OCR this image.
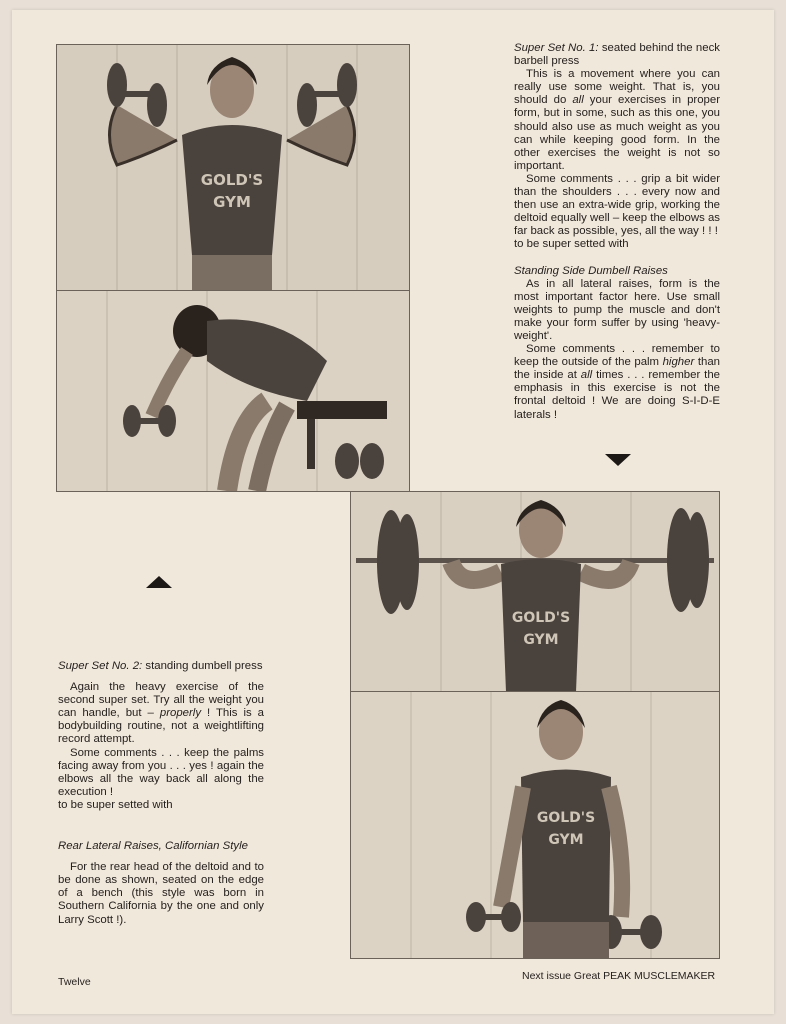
GOLD'S
GYM
GOLD'S
GYM
GOLD'S
GYM

Super Set No. 1: seated behind the neck barbell press

This is a movement where you can really use some weight. That is, you should do all your exercises in proper form, but in some, such as this one, you should also use as much weight as you can while keeping good form. In the other exercises the weight is not so important.

Some comments . . . grip a bit wider than the shoulders . . . every now and then use an extra-wide grip, working the deltoid equally well – keep the elbows as far back as possible, yes, all the way ! ! !

to be super setted with

Standing Side Dumbell Raises

As in all lateral raises, form is the most important factor here. Use small weights to pump the muscle and don't make your form suffer by using 'heavy-weight'.

Some comments . . . remember to keep the outside of the palm higher than the inside at all times . . . remember the emphasis in this exercise is not the frontal deltoid ! We are doing S-I-D-E laterals !

Super Set No. 2: standing dumbell press

Again the heavy exercise of the second super set. Try all the weight you can handle, but – properly ! This is a bodybuilding routine, not a weightlifting record attempt.

Some comments . . . keep the palms facing away from you . . . yes ! again the elbows all the way back all along the execution !

to be super setted with

Rear Lateral Raises, Californian Style

For the rear head of the deltoid and to be done as shown, seated on the edge of a bench (this style was born in Southern California by the one and only Larry Scott !).

Twelve	Next issue Great PEAK MUSCLEMAKER
